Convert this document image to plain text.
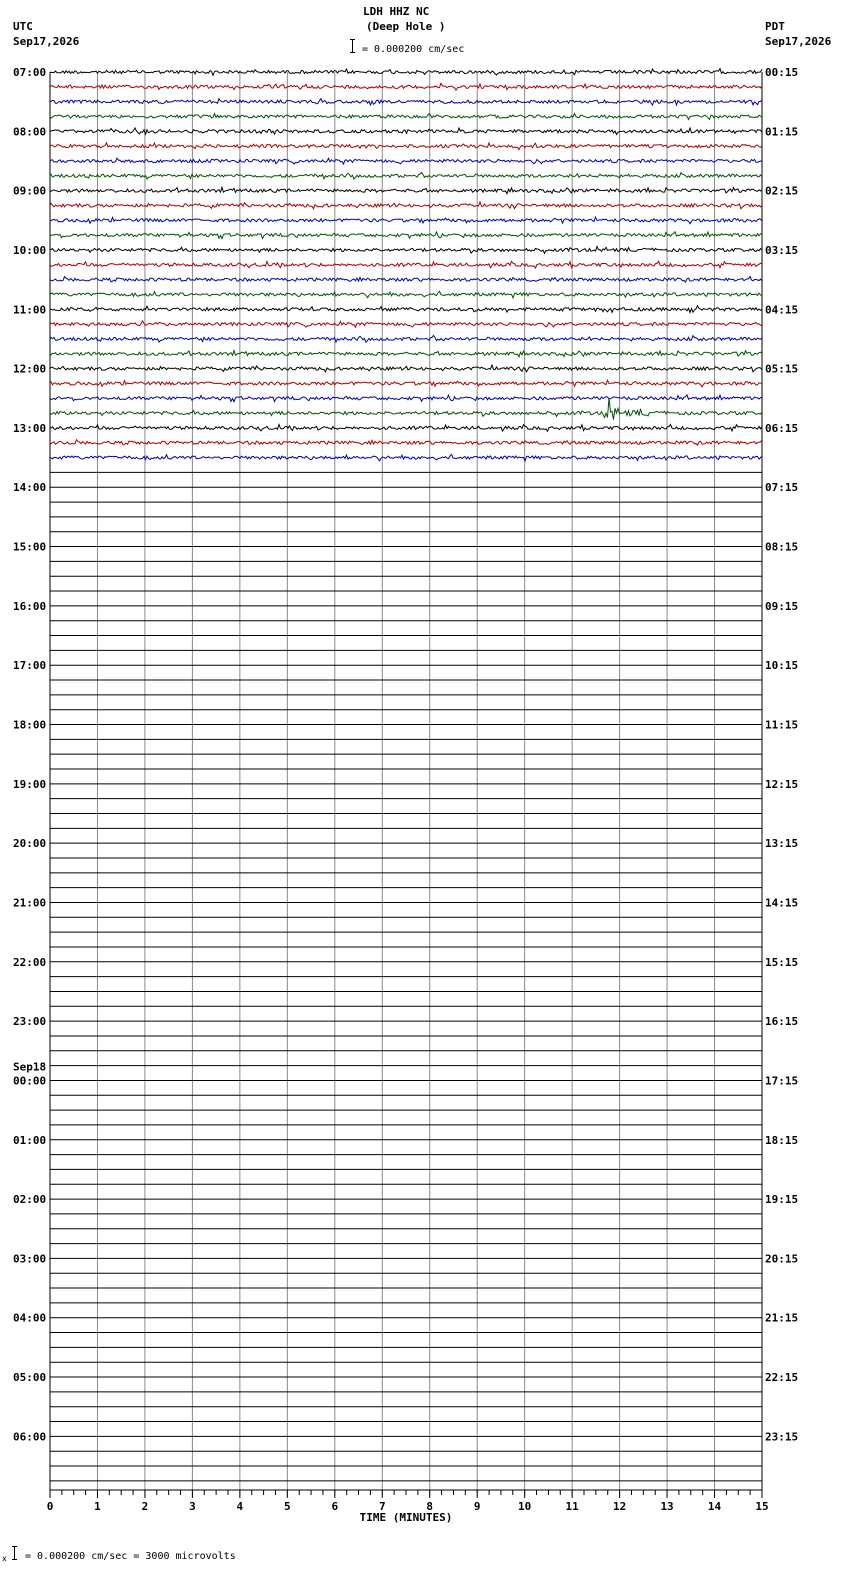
07:00	00:15
08:00	01:15
09:00	02:15
10:00	03:15
11:00	04:15
12:00	05:15
13:00	06:15
14:00	07:15
15:00	08:15
16:00	09:15
17:00	10:15
18:00	11:15
19:00	12:15
20:00	13:15
21:00	14:15
22:00	15:15
23:00	16:15
00:00	17:15
Sep18
01:00	18:15
02:00	19:15
03:00	20:15
04:00	21:15
05:00	22:15
06:00	23:15
0	1	2	3	4	5	6	7	8	9	10	11	12	13	14	15
TIME (MINUTES)
LDH HHZ NC
(Deep Hole )
= 0.000200 cm/sec
UTC
Sep17,2026
PDT
Sep17,2026
x = 0.000200 cm/sec = 3000 microvolts
